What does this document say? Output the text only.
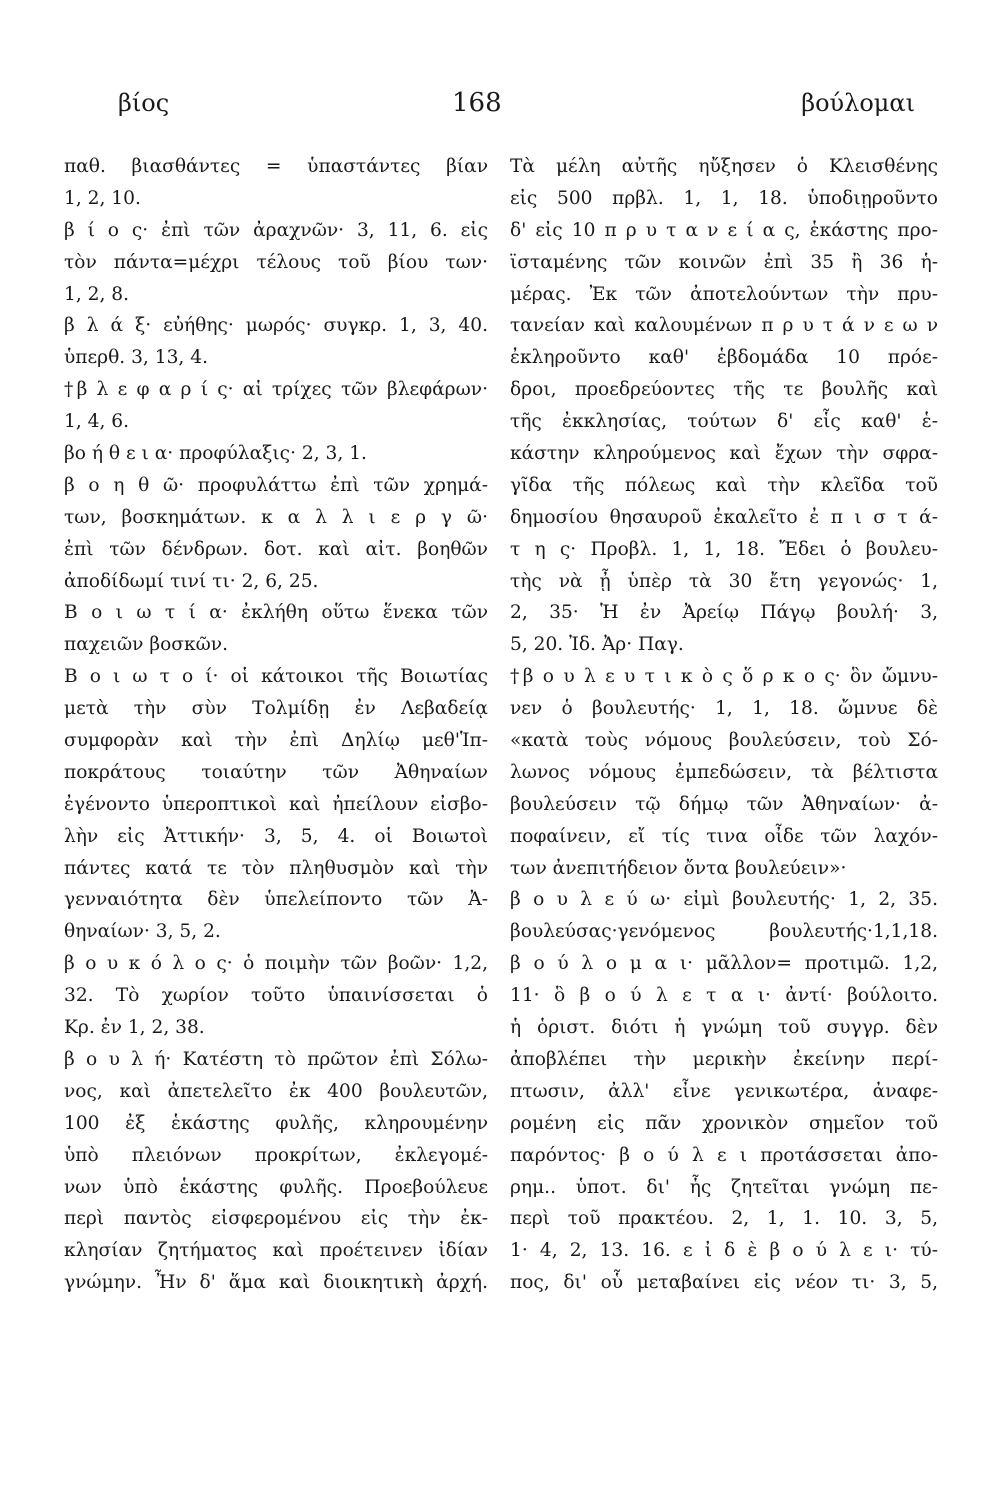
βίος	168	βούλομαι
παθ. βιασθάντες = ὑπαστάντες βίαν
1, 2, 10.
β ί ο ς· ἐπὶ τῶν ἀραχνῶν· 3, 11, 6. εἰς
τὸν πάντα=μέχρι τέλους τοῦ βίου των·
1, 2, 8.
β λ ά ξ· εὐήθης· μωρός· συγκρ. 1, 3, 40.
ὑπερθ. 3, 13, 4.
†β λ ε φ α ρ ί ς· αἱ τρίχες τῶν βλεφάρων·
1, 4, 6.
βο ή θ ε ι α· προφύλαξις· 2, 3, 1.
β ο η θ ῶ· προφυλάττω ἐπὶ τῶν χρημά-
των, βοσκημάτων. κ α λ λ ι ε ρ γ ῶ·
ἐπὶ τῶν δένδρων. δοτ. καὶ αἰτ. βοηθῶν
ἀποδίδωμί τινί τι· 2, 6, 25.
Β ο ι ω τ ί α· ἐκλήθη οὕτω ἕνεκα τῶν
παχειῶν βοσκῶν.
Β ο ι ω τ ο ί· οἱ κάτοικοι τῆς Βοιωτίας
μετὰ τὴν σὺν Τολμίδῃ ἐν Λεβαδείᾳ
συμφορὰν καὶ τὴν ἐπὶ Δηλίῳ μεθ'Ἱπ-
ποκράτους τοιαύτην τῶν Ἀθηναίων
ἐγένοντο ὑπεροπτικοὶ καὶ ἠπείλουν εἰσβο-
λὴν εἰς Ἀττικήν· 3, 5, 4. οἱ Βοιωτοὶ
πάντες κατά τε τὸν πληθυσμὸν καὶ τὴν
γενναιότητα δὲν ὑπελείποντο τῶν Ἀ-
θηναίων· 3, 5, 2.
β ο υ κ ό λ ο ς· ὁ ποιμὴν τῶν βοῶν· 1,2,
32. Τὸ χωρίον τοῦτο ὑπαινίσσεται ὁ
Κρ. ἐν 1, 2, 38.
β ο υ λ ή· Κατέστη τὸ πρῶτον ἐπὶ Σόλω-
νος, καὶ ἀπετελεῖτο ἐκ 400 βουλευτῶν,
100 ἐξ ἑκάστης φυλῆς, κληρουμένην
ὑπὸ πλειόνων προκρίτων, ἐκλεγομέ-
νων ὑπὸ ἑκάστης φυλῆς. Προεβούλευε
περὶ παντὸς εἰσφερομένου εἰς τὴν ἐκ-
κλησίαν ζητήματος καὶ προέτεινεν ἰδίαν
γνώμην. Ἦν δ' ἅμα καὶ διοικητικὴ ἀρχή.
Τὰ μέλη αὐτῆς ηὔξησεν ὁ Κλεισθένης
εἰς 500 πρβλ. 1, 1, 18. ὑποδιῃροῦντο
δ' εἰς 10 π ρ υ τ α ν ε ί α ς, ἑκάστης προ-
ϊσταμένης τῶν κοινῶν ἐπὶ 35 ἢ 36 ἡ-
μέρας. Ἐκ τῶν ἀποτελούντων τὴν πρυ-
τανείαν καὶ καλουμένων π ρ υ τ ά ν ε ω ν
ἐκληροῦντο καθ' ἑβδομάδα 10 πρόε-
δροι, προεδρεύοντες τῆς τε βουλῆς καὶ
τῆς ἐκκλησίας, τούτων δ' εἷς καθ' ἑ-
κάστην κληρούμενος καὶ ἔχων τὴν σφρα-
γῖδα τῆς πόλεως καὶ τὴν κλεῖδα τοῦ
δημοσίου θησαυροῦ ἐκαλεῖτο ἐ π ι σ τ ά-
τ η ς· Προβλ. 1, 1, 18. Ἔδει ὁ βουλευ-
τὴς νὰ ᾖ ὑπὲρ τὰ 30 ἔτη γεγονώς· 1,
2, 35· Ἡ ἐν Ἀρείῳ Πάγῳ βουλή· 3,
5, 20. Ἰδ. Ἀρ· Παγ.
†β ο υ λ ε υ τ ι κ ὸ ς ὅ ρ κ ο ς· ὃν ὤμνυ-
νεν ὁ βουλευτής· 1, 1, 18. ὤμνυε δὲ
«κατὰ τοὺς νόμους βουλεύσειν, τοὺ Σό-
λωνος νόμους ἐμπεδώσειν, τὰ βέλτιστα
βουλεύσειν τῷ δήμῳ τῶν Ἀθηναίων· ἀ-
ποφαίνειν, εἴ τίς τινα οἶδε τῶν λαχόν-
των ἀνεπιτήδειον ὄντα βουλεύειν»·
β ο υ λ ε ύ ω· εἰμὶ βουλευτής· 1, 2, 35.
βουλεύσας·γενόμενος βουλευτής·1,1,18.
β ο ύ λ ο μ α ι· μᾶλλον= προτιμῶ. 1,2,
11· ὃ β ο ύ λ ε τ α ι· ἀντί· βούλοιτο.
ἡ ὁριστ. διότι ἡ γνώμη τοῦ συγγρ. δὲν
ἀποβλέπει τὴν μερικὴν ἐκείνην περί-
πτωσιν, ἀλλ' εἶνε γενικωτέρα, ἀναφε-
ρομένη εἰς πᾶν χρονικὸν σημεῖον τοῦ
παρόντος· β ο ύ λ ε ι προτάσσεται ἀπο-
ρημ.. ὑποτ. δι' ἧς ζητεῖται γνώμη πε-
περὶ τοῦ πρακτέου. 2, 1, 1. 10. 3, 5,
1· 4, 2, 13. 16. ε ἰ δ ὲ β ο ύ λ ε ι· τύ-
πος, δι' οὗ μεταβαίνει εἰς νέον τι· 3, 5,
